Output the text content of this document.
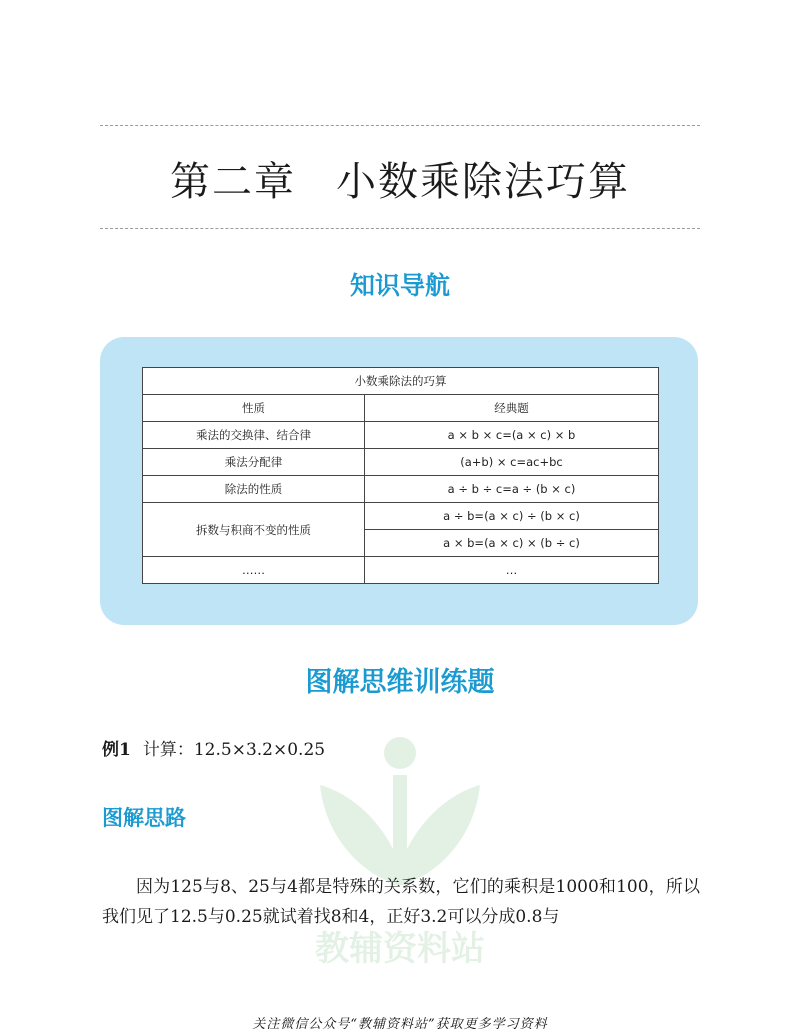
第二章 小数乘除法巧算
知识导航
小数乘除法的巧算	
性质	经典题
乘法的交换律、结合律	a × b × c=(a × c) × b
乘法分配律	(a+b) × c=ac+bc
除法的性质	a ÷ b ÷ c=a ÷ (b × c)
拆数与积商不变的性质	a ÷ b=(a × c) ÷ (b × c)
	a × b=(a × c) × (b ÷ c)
……	…
图解思维训练题
教辅资料站
例1 计算：12.5×3.2×0.25
图解思路
因为125与8、25与4都是特殊的关系数，它们的乘积是1000和100，所以我们见了12.5与0.25就试着找8和4，正好3.2可以分成0.8与
关注微信公众号“教辅资料站”获取更多学习资料
